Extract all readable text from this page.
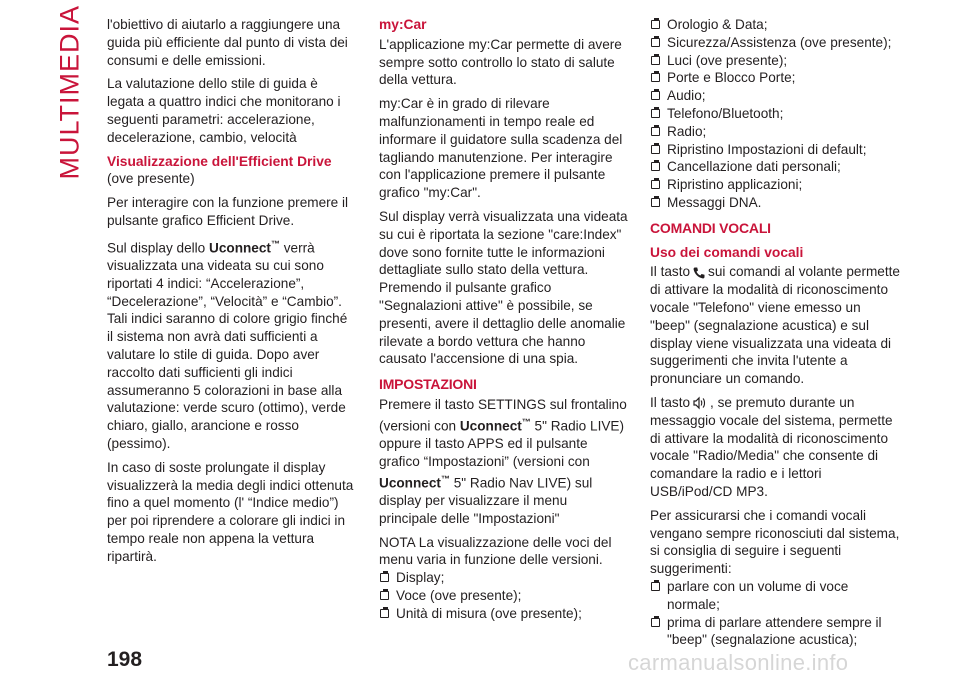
MULTIMEDIA l'obiettivo di aiutarlo a raggiungere una guida più efficiente dal punto di vista dei consumi e delle emissioni.

La valutazione dello stile di guida è legata a quattro indici che monitorano i seguenti parametri: accelerazione, decelerazione, cambio, velocità

Visualizzazione dell'Efficient Drive

(ove presente)

Per interagire con la funzione premere il pulsante grafico Efficient Drive.

Sul display dello Uconnect™ verrà visualizzata una videata su cui sono riportati 4 indici: “Accelerazione”, “Decelerazione”, “Velocità” e “Cambio”. Tali indici saranno di colore grigio finché il sistema non avrà dati sufficienti a valutare lo stile di guida. Dopo aver raccolto dati sufficienti gli indici assumeranno 5 colorazioni in base alla valutazione: verde scuro (ottimo), verde chiaro, giallo, arancione e rosso (pessimo).

In caso di soste prolungate il display visualizzerà la media degli indici ottenuta fino a quel momento (l' “Indice medio”) per poi riprendere a colorare gli indici in tempo reale non appena la vettura ripartirà.

my:Car

L'applicazione my:Car permette di avere sempre sotto controllo lo stato di salute della vettura.

my:Car è in grado di rilevare malfunzionamenti in tempo reale ed informare il guidatore sulla scadenza del tagliando manutenzione. Per interagire con l'applicazione premere il pulsante grafico "my:Car".

Sul display verrà visualizzata una videata su cui è riportata la sezione "care:Index" dove sono fornite tutte le informazioni dettagliate sullo stato della vettura. Premendo il pulsante grafico "Segnalazioni attive" è possibile, se presenti, avere il dettaglio delle anomalie rilevate a bordo vettura che hanno causato l'accensione di una spia.

IMPOSTAZIONI

Premere il tasto SETTINGS sul frontalino (versioni con Uconnect™ 5" Radio LIVE) oppure il tasto APPS ed il pulsante grafico “Impostazioni” (versioni con Uconnect™ 5" Radio Nav LIVE) sul display per visualizzare il menu principale delle "Impostazioni"

NOTA La visualizzazione delle voci del menu varia in funzione delle versioni.

Display;
Voce (ove presente);
Unità di misura (ove presente);
Orologio & Data;
Sicurezza/Assistenza (ove presente);
Luci (ove presente);
Porte e Blocco Porte;
Audio;
Telefono/Bluetooth;
Radio;
Ripristino Impostazioni di default;
Cancellazione dati personali;
Ripristino applicazioni;
Messaggi DNA.
COMANDI VOCALI
Uso dei comandi vocali

Il tasto sui comandi al volante permette di attivare la modalità di riconoscimento vocale "Telefono" viene emesso un "beep" (segnalazione acustica) e sul display viene visualizzata una videata di suggerimenti che invita l'utente a pronunciare un comando.

Il tasto , se premuto durante un messaggio vocale del sistema, permette di attivare la modalità di riconoscimento vocale "Radio/Media" che consente di comandare la radio e i lettori USB/iPod/CD MP3.

Per assicurarsi che i comandi vocali vengano sempre riconosciuti dal sistema, si consiglia di seguire i seguenti suggerimenti:

parlare con un volume di voce normale;
prima di parlare attendere sempre il "beep" (segnalazione acustica);
198	carmanualsonline.info
